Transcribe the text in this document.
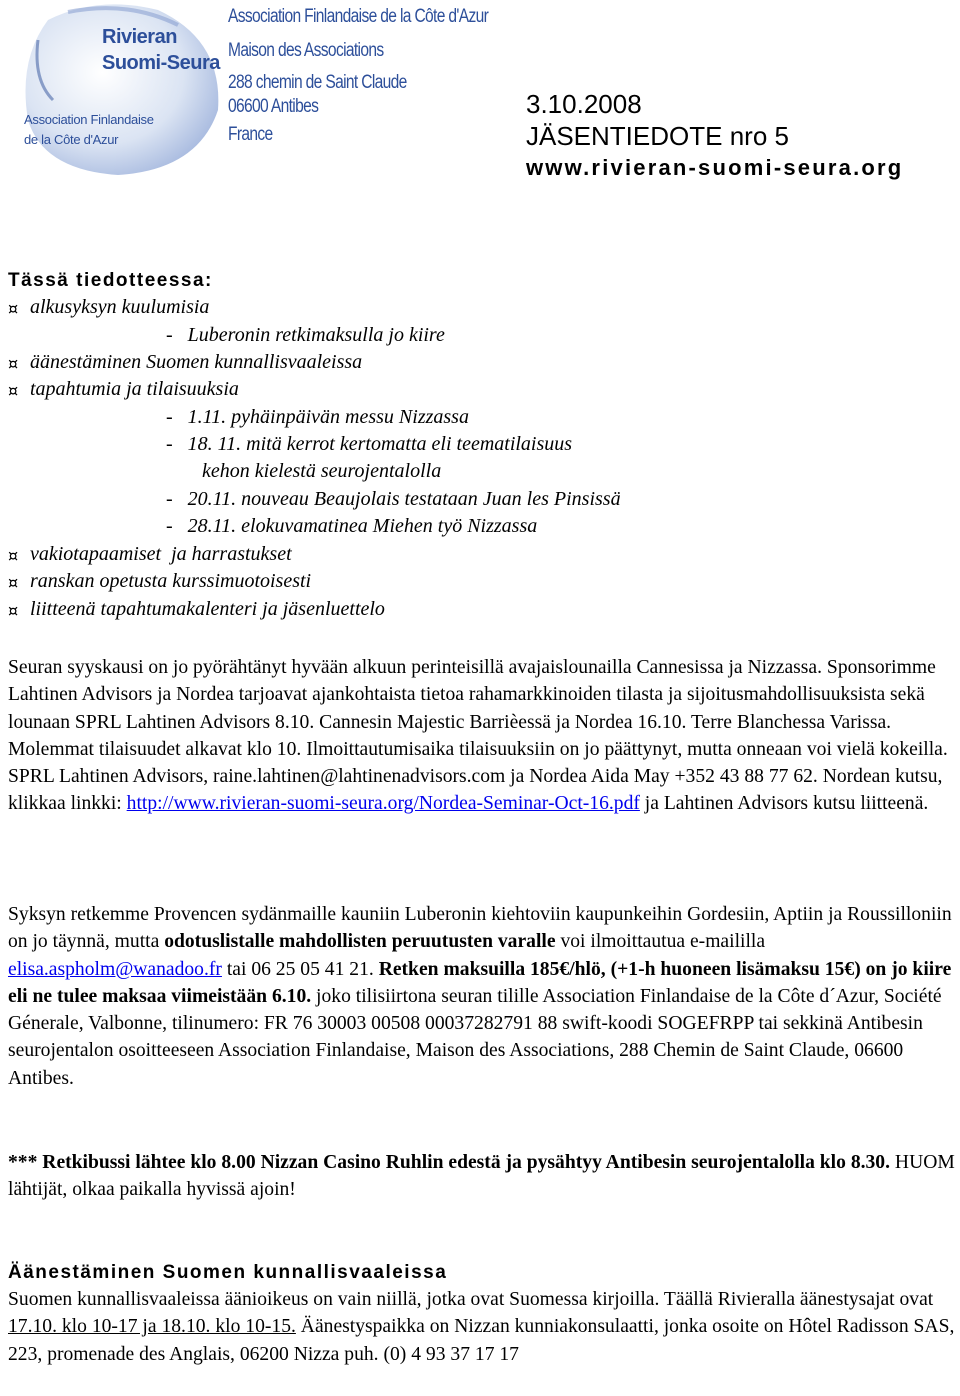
Rivieran
Suomi-Seura
Association Finlandaise
de la Côte d'Azur
Association Finlandaise de la Côte d'Azur
Maison des Associations
288 chemin de Saint Claude
06600 Antibes
France
3.10.2008
JÄSENTIEDOTE nro 5
www.rivieran-suomi-seura.org
Tässä tiedotteessa:
¤ alkusyksyn kuulumisia
-   Luberonin retkimaksulla jo kiire
¤ äänestäminen Suomen kunnallisvaaleissa
¤ tapahtumia ja tilaisuuksia
-   1.11. pyhäinpäivän messu Nizzassa
-   18. 11. mitä kerrot kertomatta eli teematilaisuus
kehon kielestä seurojentalolla
-   20.11. nouveau Beaujolais testataan Juan les Pinsissä
-   28.11. elokuvamatinea Miehen työ Nizzassa
¤ vakiotapaamiset  ja harrastukset
¤ ranskan opetusta kurssimuotoisesti
¤ liitteenä tapahtumakalenteri ja jäsenluettelo
Seuran syyskausi on jo pyörähtänyt hyvään alkuun perinteisillä avajaislounailla Cannesissa ja Nizzassa. Sponsorimme Lahtinen Advisors ja Nordea tarjoavat ajankohtaista tietoa rahamarkkinoiden tilasta ja sijoitusmahdollisuuksista sekä lounaan SPRL Lahtinen Advisors 8.10. Cannesin Majestic Barrièessä ja Nordea 16.10. Terre Blanchessa Varissa. Molemmat tilaisuudet alkavat klo 10. Ilmoittautumisaika tilaisuuksiin on jo päättynyt, mutta onneaan voi vielä kokeilla. SPRL Lahtinen Advisors, raine.lahtinen@lahtinenadvisors.com ja Nordea Aida May +352 43 88 77 62. Nordean kutsu, klikkaa linkki: http://www.rivieran-suomi-seura.org/Nordea-Seminar-Oct-16.pdf ja Lahtinen Advisors kutsu liitteenä.
Syksyn retkemme Provencen sydänmaille kauniin Luberonin kiehtoviin kaupunkeihin Gordesiin, Aptiin ja Roussilloniin on jo täynnä, mutta odotuslistalle mahdollisten peruutusten varalle voi ilmoittautua e-maililla elisa.aspholm@wanadoo.fr tai 06 25 05 41 21. Retken maksuilla 185€/hlö, (+1-h huoneen lisämaksu 15€) on jo kiire eli ne tulee maksaa viimeistään 6.10. joko tilisiirtona seuran tilille Association Finlandaise de la Côte d´Azur, Société Génerale, Valbonne, tilinumero: FR 76 30003 00508 00037282791 88 swift-koodi SOGEFRPP tai sekkinä Antibesin seurojentalon osoitteeseen Association Finlandaise, Maison des Associations, 288 Chemin de Saint Claude, 06600 Antibes.
*** Retkibussi lähtee klo 8.00 Nizzan Casino Ruhlin edestä ja pysähtyy Antibesin seurojentalolla klo 8.30. HUOM lähtijät, olkaa paikalla hyvissä ajoin!
Äänestäminen Suomen kunnallisvaaleissa
Suomen kunnallisvaaleissa äänioikeus on vain niillä, jotka ovat Suomessa kirjoilla. Täällä Rivieralla äänestysajat ovat 17.10. klo 10-17 ja 18.10. klo 10-15. Äänestyspaikka on Nizzan kunniakonsulaatti, jonka osoite on Hôtel Radisson SAS, 223, promenade des Anglais, 06200 Nizza puh. (0) 4 93 37 17 17
